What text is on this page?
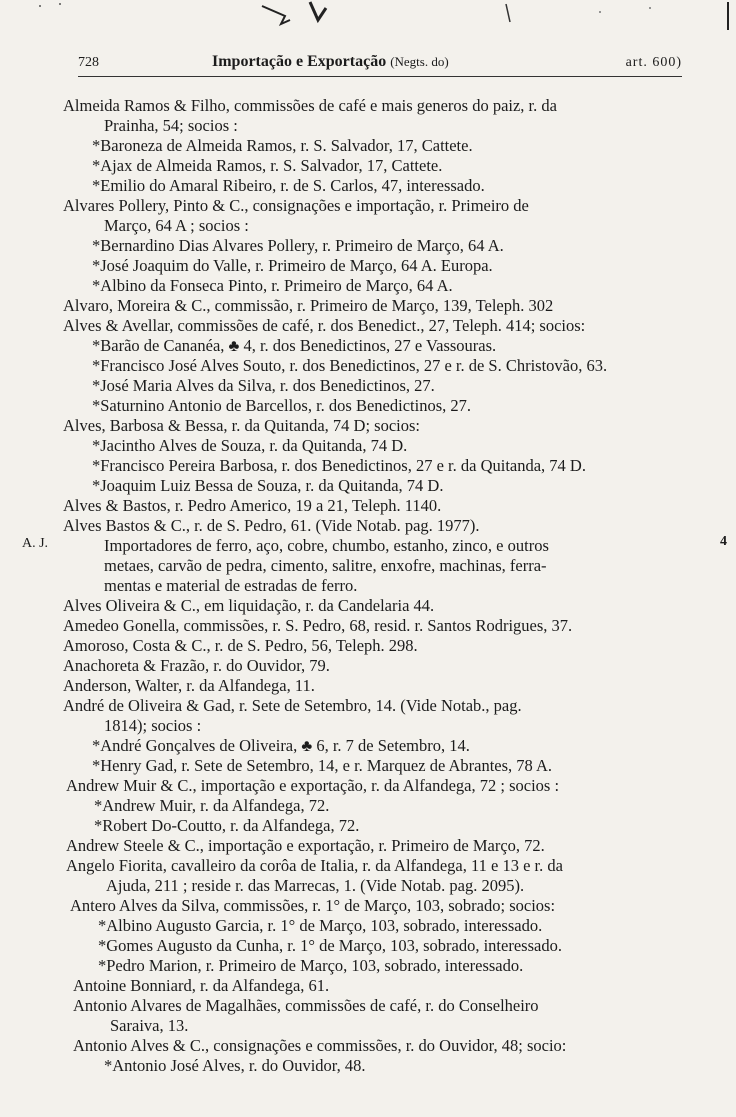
728	Importação e Exportação (Negts. do)	art. 600)
A. J.	4
Almeida Ramos & Filho, commissões de café e mais generos do paiz, r. da
Prainha, 54; socios :
*Baroneza de Almeida Ramos, r. S. Salvador, 17, Cattete.
*Ajax de Almeida Ramos, r. S. Salvador, 17, Cattete.
*Emilio do Amaral Ribeiro, r. de S. Carlos, 47, interessado.
Alvares Pollery, Pinto & C., consignações e importação, r. Primeiro de
Março, 64 A ; socios :
*Bernardino Dias Alvares Pollery, r. Primeiro de Março, 64 A.
*José Joaquim do Valle, r. Primeiro de Março, 64 A. Europa.
*Albino da Fonseca Pinto, r. Primeiro de Março, 64 A.
Alvaro, Moreira & C., commissão, r. Primeiro de Março, 139, Teleph. 302
Alves & Avellar, commissões de café, r. dos Benedict., 27, Teleph. 414; socios:
*Barão de Cananéa, ♣ 4, r. dos Benedictinos, 27 e Vassouras.
*Francisco José Alves Souto, r. dos Benedictinos, 27 e r. de S. Christovão, 63.
*José Maria Alves da Silva, r. dos Benedictinos, 27.
*Saturnino Antonio de Barcellos, r. dos Benedictinos, 27.
Alves, Barbosa & Bessa, r. da Quitanda, 74 D; socios:
*Jacintho Alves de Souza, r. da Quitanda, 74 D.
*Francisco Pereira Barbosa, r. dos Benedictinos, 27 e r. da Quitanda, 74 D.
*Joaquim Luiz Bessa de Souza, r. da Quitanda, 74 D.
Alves & Bastos, r. Pedro Americo, 19 a 21, Teleph. 1140.
Alves Bastos & C., r. de S. Pedro, 61. (Vide Notab. pag. 1977).
Importadores de ferro, aço, cobre, chumbo, estanho, zinco, e outros
metaes, carvão de pedra, cimento, salitre, enxofre, machinas, ferra-
mentas e material de estradas de ferro.
Alves Oliveira & C., em liquidação, r. da Candelaria 44.
Amedeo Gonella, commissões, r. S. Pedro, 68, resid. r. Santos Rodrigues, 37.
Amoroso, Costa & C., r. de S. Pedro, 56, Teleph. 298.
Anachoreta & Frazão, r. do Ouvidor, 79.
Anderson, Walter, r. da Alfandega, 11.
André de Oliveira & Gad, r. Sete de Setembro, 14. (Vide Notab., pag.
1814); socios :
*André Gonçalves de Oliveira, ♣ 6, r. 7 de Setembro, 14.
*Henry Gad, r. Sete de Setembro, 14, e r. Marquez de Abrantes, 78 A.
Andrew Muir & C., importação e exportação, r. da Alfandega, 72 ; socios :
*Andrew Muir, r. da Alfandega, 72.
*Robert Do-Coutto, r. da Alfandega, 72.
Andrew Steele & C., importação e exportação, r. Primeiro de Março, 72.
Angelo Fiorita, cavalleiro da corôa de Italia, r. da Alfandega, 11 e 13 e r. da
Ajuda, 211 ; reside r. das Marrecas, 1. (Vide Notab. pag. 2095).
Antero Alves da Silva, commissões, r. 1° de Março, 103, sobrado; socios:
*Albino Augusto Garcia, r. 1° de Março, 103, sobrado, interessado.
*Gomes Augusto da Cunha, r. 1° de Março, 103, sobrado, interessado.
*Pedro Marion, r. Primeiro de Março, 103, sobrado, interessado.
Antoine Bonniard, r. da Alfandega, 61.
Antonio Alvares de Magalhães, commissões de café, r. do Conselheiro
Saraiva, 13.
Antonio Alves & C., consignações e commissões, r. do Ouvidor, 48; socio:
*Antonio José Alves, r. do Ouvidor, 48.
